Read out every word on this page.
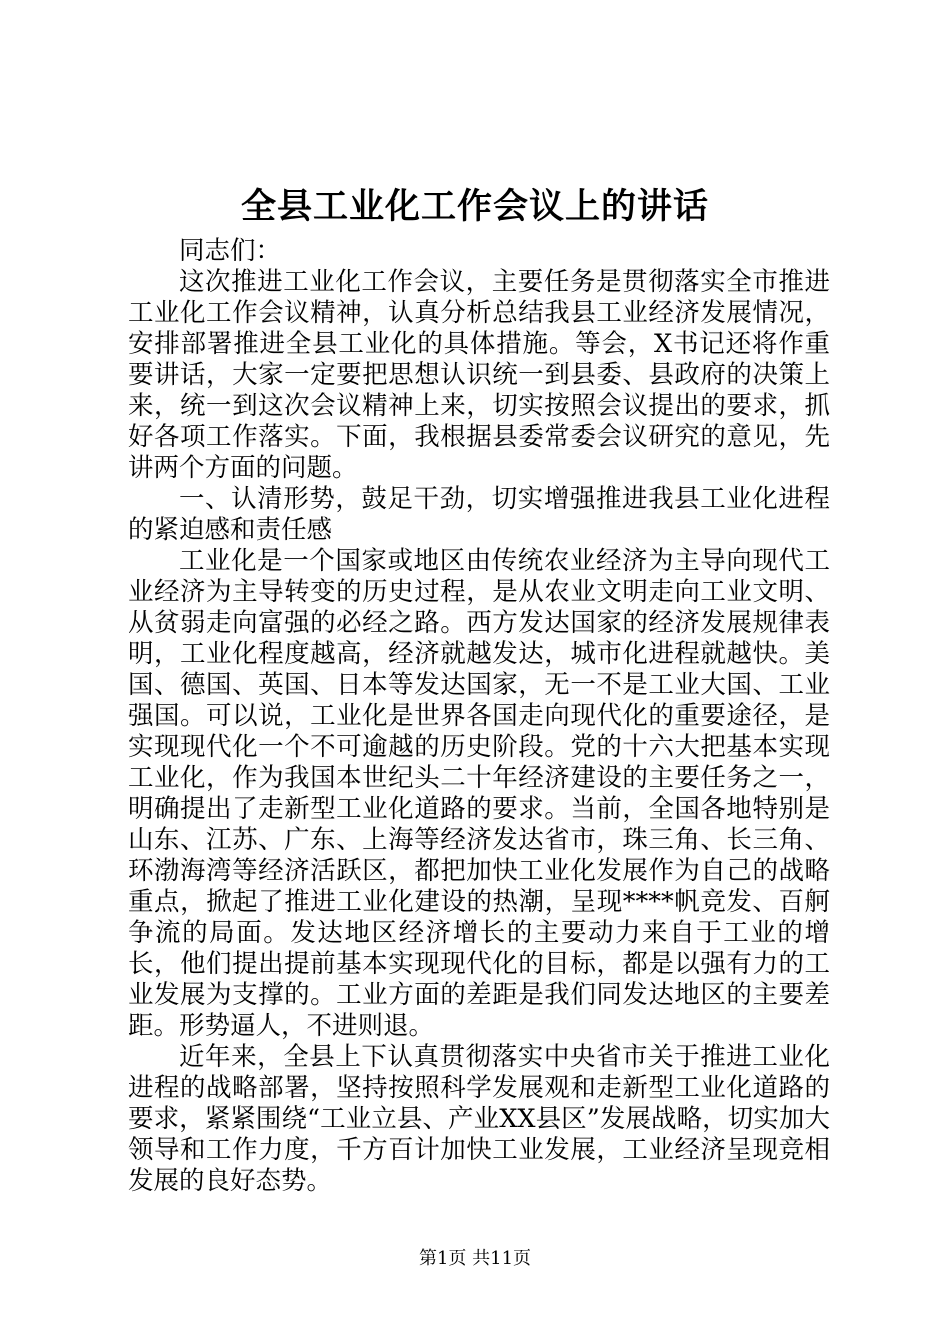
全县工业化工作会议上的讲话

同志们：

这次推进工业化工作会议，主要任务是贯彻落实全市推进工业化工作会议精神，认真分析总结我县工业经济发展情况，安排部署推进全县工业化的具体措施。等会，X书记还将作重要讲话，大家一定要把思想认识统一到县委、县政府的决策上来，统一到这次会议精神上来，切实按照会议提出的要求，抓好各项工作落实。下面，我根据县委常委会议研究的意见，先讲两个方面的问题。

一、认清形势，鼓足干劲，切实增强推进我县工业化进程的紧迫感和责任感

工业化是一个国家或地区由传统农业经济为主导向现代工业经济为主导转变的历史过程，是从农业文明走向工业文明、从贫弱走向富强的必经之路。西方发达国家的经济发展规律表明，工业化程度越高，经济就越发达，城市化进程就越快。美国、德国、英国、日本等发达国家，无一不是工业大国、工业强国。可以说，工业化是世界各国走向现代化的重要途径，是实现现代化一个不可逾越的历史阶段。党的十六大把基本实现工业化，作为我国本世纪头二十年经济建设的主要任务之一，明确提出了走新型工业化道路的要求。当前，全国各地特别是山东、江苏、广东、上海等经济发达省市，珠三角、长三角、环渤海湾等经济活跃区，都把加快工业化发展作为自己的战略重点，掀起了推进工业化建设的热潮，呈现****帆竞发、百舸争流的局面。发达地区经济增长的主要动力来自于工业的增长，他们提出提前基本实现现代化的目标，都是以强有力的工业发展为支撑的。工业方面的差距是我们同发达地区的主要差距。形势逼人，不进则退。

近年来，全县上下认真贯彻落实中央省市关于推进工业化进程的战略部署，坚持按照科学发展观和走新型工业化道路的要求，紧紧围绕“工业立县、产业XX县区”发展战略，切实加大领导和工作力度，千方百计加快工业发展，工业经济呈现竞相发展的良好态势。

第1页 共11页
